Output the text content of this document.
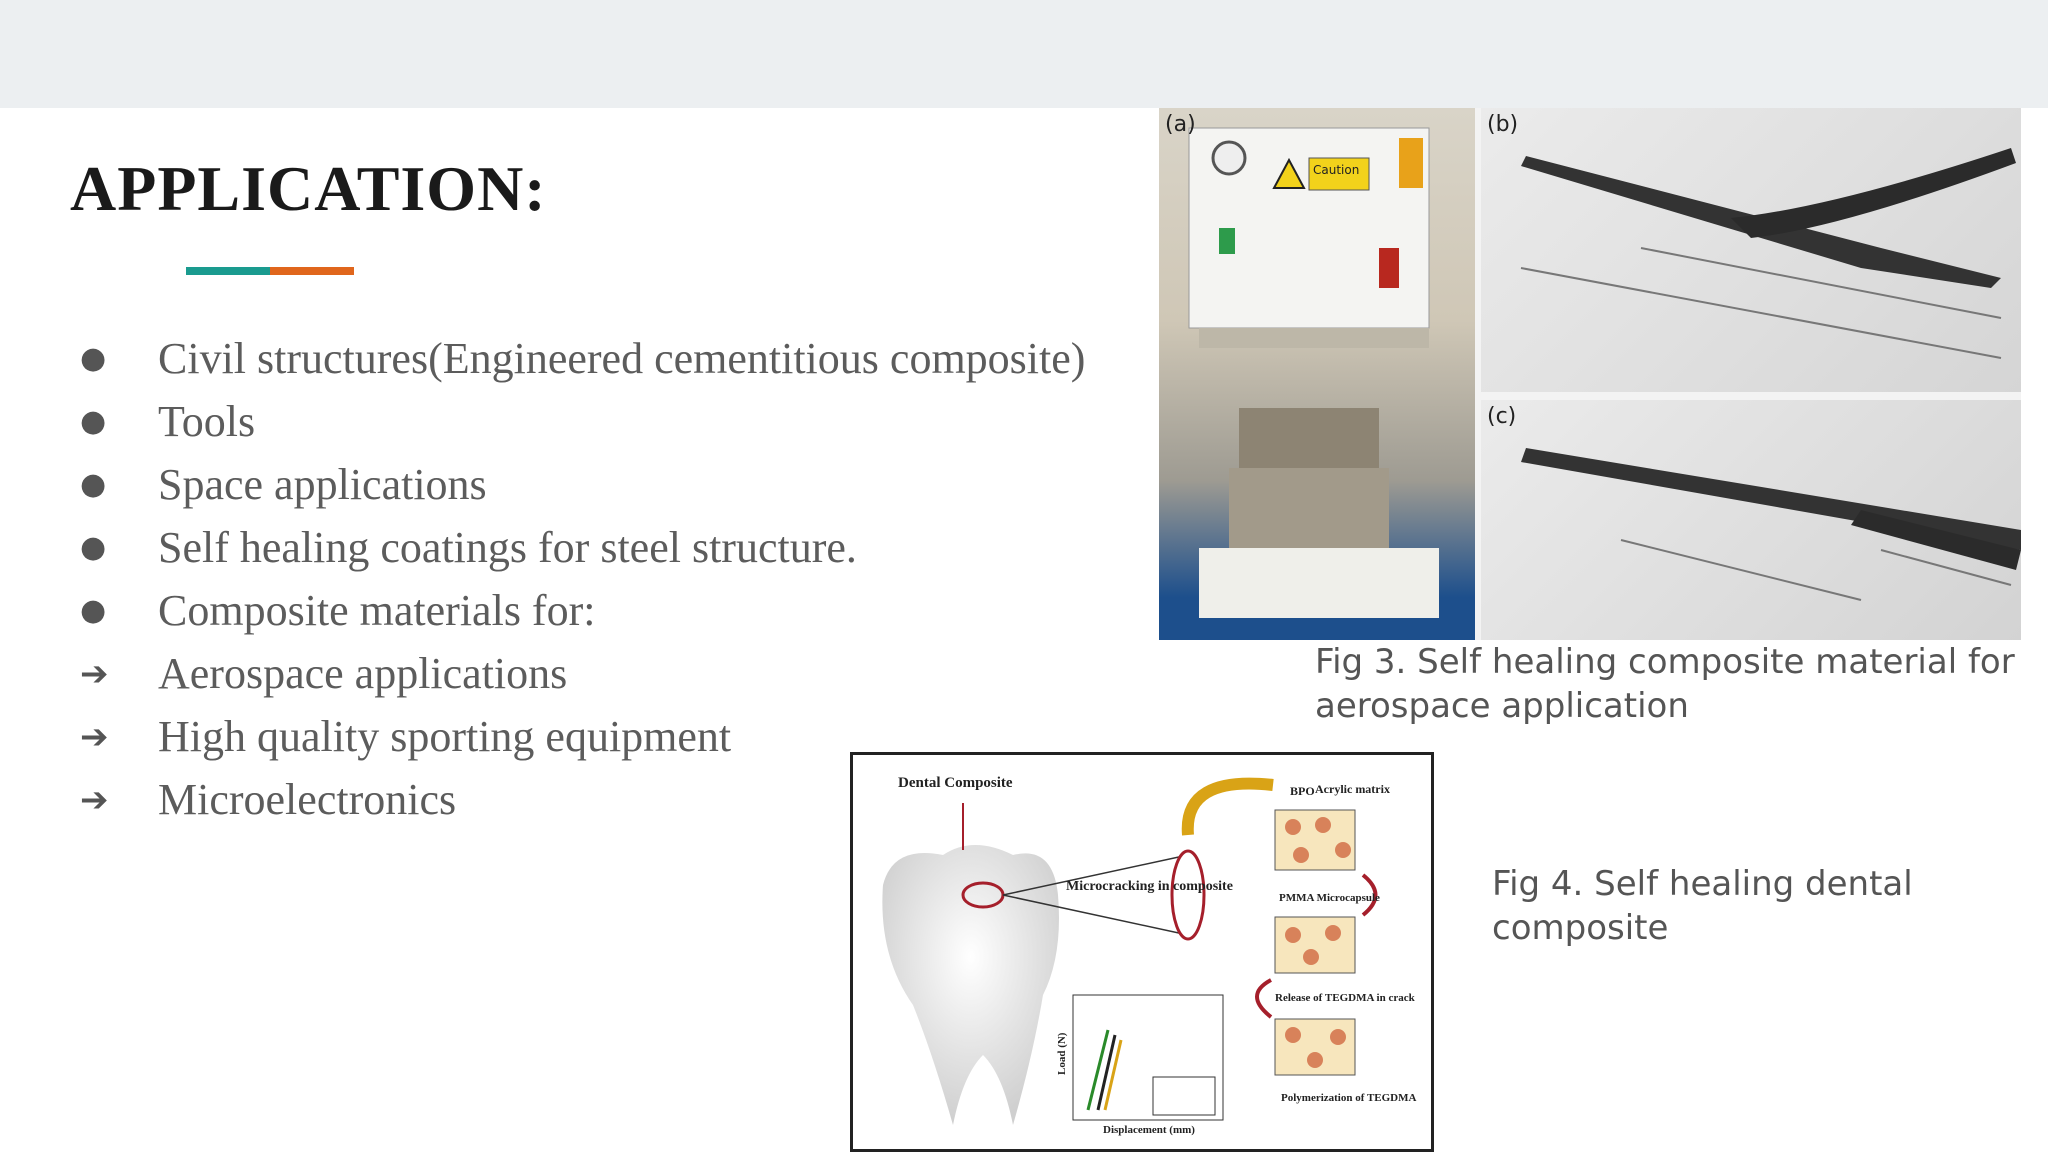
APPLICATION:
●	Civil structures(Engineered cementitious composite)
●	Tools
●	Space applications
●	Self healing coatings for steel structure.
●	Composite materials for:
➔	Aerospace applications
➔	High quality sporting equipment
➔	Microelectronics
(a)
Caution
(b)
(c)
Fig 3. Self healing composite material for aerospace application
Dental Composite
Microcracking in composite
BPO Acrylic matrix
PMMA Microcapsule
Release of TEGDMA in crack
Polymerization of TEGDMA
Displacement (mm)
Load (N)
Fig 4. Self healing dental composite
